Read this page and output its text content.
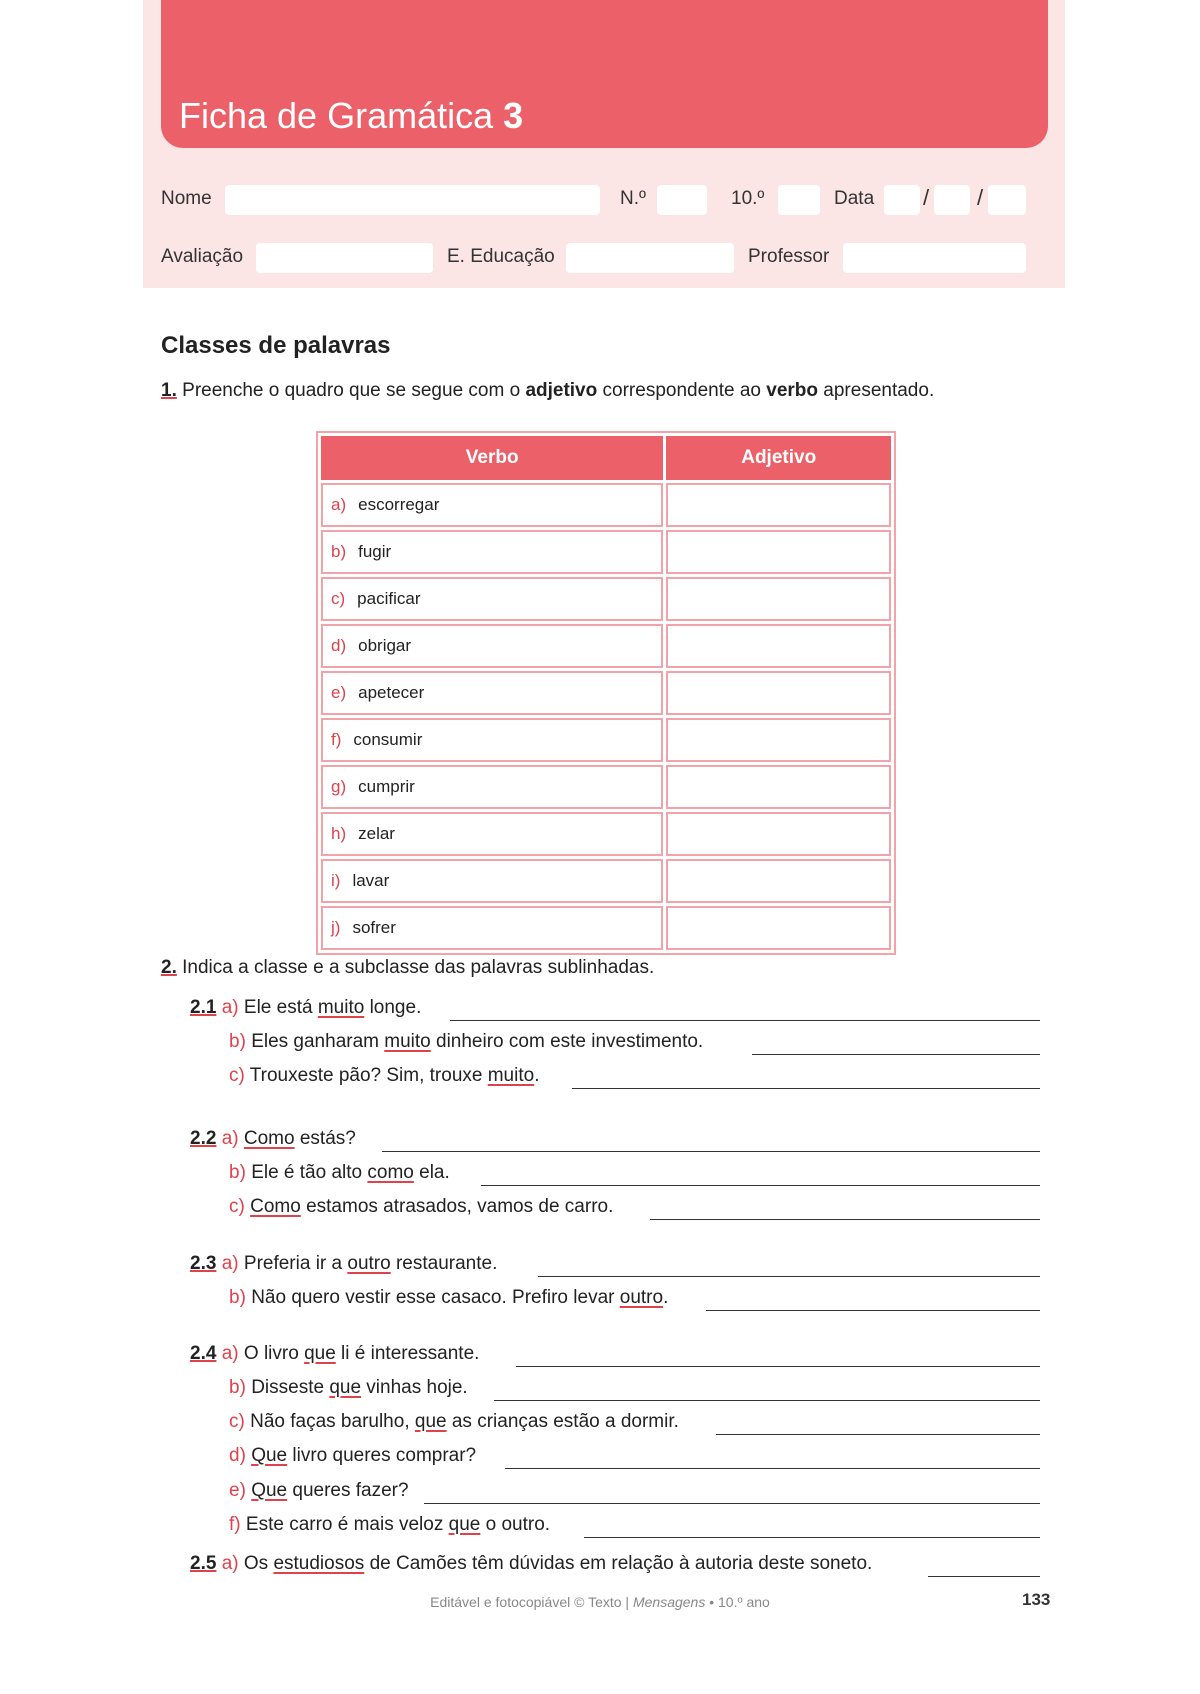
Ficha de Gramática 3
Nome	N.º	10.º	Data / /
Avaliação	E. Educação	Professor
Classes de palavras
1. Preenche o quadro que se segue com o adjetivo correspondente ao verbo apresentado.
Verbo	Adjetivo
a) escorregar	
b) fugir	
c) pacificar	
d) obrigar	
e) apetecer	
f) consumir	
g) cumprir	
h) zelar	
i) lavar	
j) sofrer	
2. Indica a classe e a subclasse das palavras sublinhadas.
2.1 a) Ele está muito longe.
b) Eles ganharam muito dinheiro com este investimento.
c) Trouxeste pão? Sim, trouxe muito.
2.2 a) Como estás?
b) Ele é tão alto como ela.
c) Como estamos atrasados, vamos de carro.
2.3 a) Preferia ir a outro restaurante.
b) Não quero vestir esse casaco. Prefiro levar outro.
2.4 a) O livro que li é interessante.
b) Disseste que vinhas hoje.
c) Não faças barulho, que as crianças estão a dormir.
d) Que livro queres comprar?
e) Que queres fazer?
f) Este carro é mais veloz que o outro.
2.5 a) Os estudiosos de Camões têm dúvidas em relação à autoria deste soneto.
Editável e fotocopiável © Texto | Mensagens • 10.º ano	133
